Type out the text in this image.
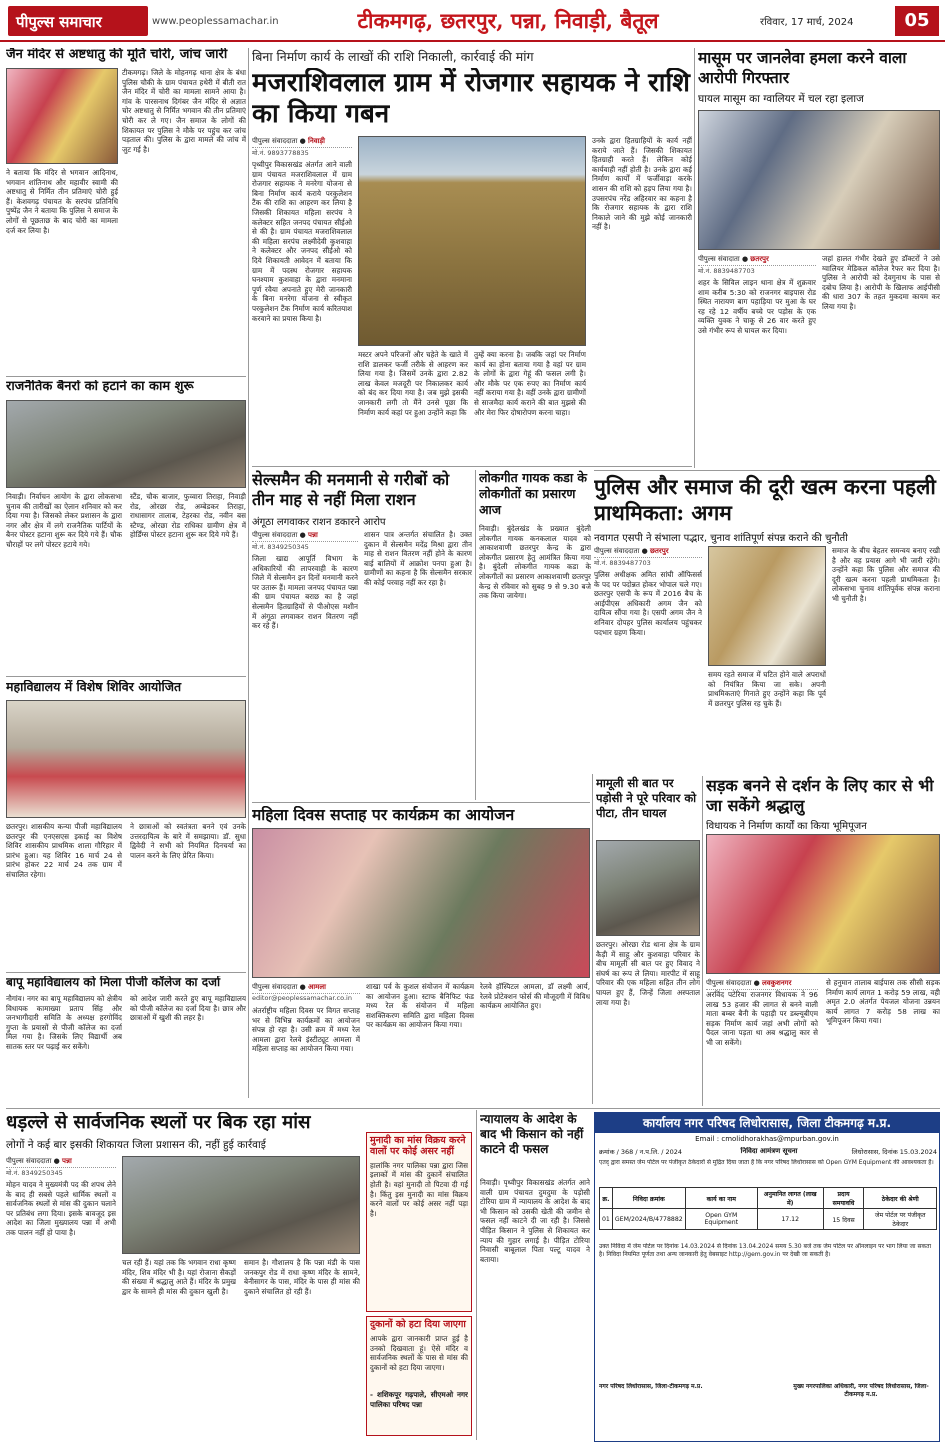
पीपुल्स समाचार	www.peoplessamachar.in	टीकमगढ़, छतरपुर, पन्ना, निवाड़ी, बैतूल	रविवार, 17 मार्च, 2024	05
जैन मंदिर से अष्टधातु की मूर्ति चोरी, जांच जारी
टीकमगढ़। जिले के मोहनगढ़ थाना क्षेत्र के बंधा पुलिस चौकी के ग्राम पंचायत हथेरी में बीती रात जैन मंदिर में चोरी का मामला सामने आया है। गांव के पारसनाथ दिगंबर जैन मंदिर से अज्ञात चोर अष्टधातु से निर्मित भगवान की तीन प्रतिमाएं चोरी कर ले गए। जैन समाज के लोगों की शिकायत पर पुलिस ने मौके पर पहुंच कर जांच पड़ताल की। पुलिस के द्वारा मामले की जांच में जुट गई है।
ने बताया कि मंदिर से भगवान आदिनाथ, भगवान शांतिनाथ और महावीर स्वामी की अष्टधातु से निर्मित तीन प्रतिमाएं चोरी हुई हैं। केशवगढ़ पंचायत के सरपंच प्रतिनिधि पुष्पेंद्र जैन ने बताया कि पुलिस ने समाज के लोगों से पूछताछ के बाद चोरी का मामला दर्ज कर लिया है।
राजनैतिक बैनरों को हटाने का काम शुरू
निवाड़ी। निर्वाचन आयोग के द्वारा लोकसभा चुनाव की तारीखों का ऐलान शनिवार को कर दिया गया है। जिसको लेकर प्रशासन के द्वारा नगर और क्षेत्र में लगे राजनैतिक पार्टियों के बैनर पोस्टर हटाना शुरू कर दिये गये हैं। चौक चौराहों पर लगे पोस्टर हटाये गये।
स्टैंड, चौक बाजार, फुव्वारा तिराहा, निवाड़ी रोड, ओरछा रोड, अम्बेडकर तिराहा, राधासागर तालाब, टेहरका रोड, नवीन बस स्टैण्ड, ओरछा रोड राधिका ग्रामीण क्षेत्र में होर्डिंग्स पोस्टर हटाना शुरू कर दिये गये हैं।
महाविद्यालय में विशेष शिविर आयोजित
छतरपुर। शासकीय कन्या पीजी महाविद्यालय छतरपुर की एनएसएस इकाई का विशेष शिविर शासकीय प्राथमिक शाला गौरिहार में प्रारंभ हुआ। यह शिविर 16 मार्च 24 से प्रारंभ होकर 22 मार्च 24 तक ग्राम में संचालित रहेगा।
ने छात्राओं को स्वतंत्रता बनने एवं उनके उत्तरदायित्व के बारे में समझाया। डॉ. सुधा द्विवेदी ने सभी को नियमित दिनचर्या का पालन करने के लिए प्रेरित किया।
बापू महाविद्यालय को मिला पीजी कॉलेज का दर्जा
नौगांव। नगर का बापू महाविद्यालय को क्षेत्रीय विधायक कामाख्या प्रताप सिंह और जनभागीदारी समिति के अध्यक्ष हरगोविंद गुप्ता के प्रयासों से पीजी कॉलेज का दर्जा मिल गया है। जिसके लिए विद्यार्थी अब सातक स्तर पर पढ़ाई कर सकेंगे।
को आदेश जारी करते हुए बापू महाविद्यालय को पीजी कॉलेज का दर्जा दिया है। छात्र और छात्राओं में खुशी की लहर है।
बिना निर्माण कार्य के लाखों की राशि निकाली, कार्रवाई की मांग
मजराशिवलाल ग्राम में रोजगार सहायक ने राशि का किया गबन
पीपुल्स संवाददाता ● निवाड़ी
मो.नं. 9893778835
पृथ्वीपुर विकासखंड अंतर्गत आने वाली ग्राम पंचायत मजराशिवलाल में ग्राम रोजगार सहायक ने मनरेगा योजना से बिना निर्माण कार्य कराये परकुलेशन टैंक की राशि का आहरण कर लिया है जिसकी शिकायत महिला सरपंच ने कलेक्टर सहित जनपद पंचायत सीईओ से की है। ग्राम पंचायत मजराशिवलाल की महिला सरपंच लक्ष्मीदेवी कुशवाहा ने कलेक्टर और जनपद सीईओ को दिये शिकायती आवेदन में बताया कि ग्राम में पदस्थ रोजगार सहायक घनश्याम कुशवाहा के द्वारा मनमाना पूर्ण रवैया अपनाते हुए मेरी जानकारी के बिना मनरेगा योजना से स्वीकृत परकुलेशन टैंक निर्माण कार्य करितयाश करवाने का प्रयास किया है।
मस्टर अपने परिजनों और चहेते के खाते में राशि डालकर फर्जी तरीके से आहरण कर लिया गया है। जिसमें उनके द्वारा 2.82 लाख केवल मजदूरी पर निकालकर कार्य को बंद कर दिया गया है। जब मुझे इसकी जानकारी लगी तो मैंने उनसे पूछा कि निर्माण कार्य कहां पर हुआ उन्होंने कहा कि
तुम्हें क्या करना है। जबकि जहां पर निर्माण कार्य का होना बताया गया है वहां पर ग्राम के लोगों के द्वारा गेहूं की फसल लगी है। और मौके पर एक रुपए का निर्माण कार्य नहीं कराया गया है। वहीं उनके द्वारा ग्रामीणों से साजमैदा कार्य कराने की बात मुझसे की और मेरा फिर दोषारोपण करना चाहा।
उनके द्वारा हितग्राहियों के कार्य नहीं कराये जाते हैं। जिसकी शिकायत हितग्राही करते हैं। लेकिन कोई कार्यवाही नहीं होती है। उनके द्वारा कई निर्माण कार्यों में फर्जीवाड़ा करके शासन की राशि को हड़प लिया गया है। उपसरपंच नरेंद्र अहिरवार का कहना है कि रोजगार सहायक के द्वारा राशि निकाले जाने की मुझे कोई जानकारी नहीं है।
सेल्समैन की मनमानी से गरीबों को तीन माह से नहीं मिला राशन
अंगूठा लगवाकर राशन डकारने आरोप
पीपुल्स संवाददाता ● पन्ना
मो.नं. 8349250345
जिला खाद्य आपूर्ति विभाग के अधिकारियों की लापरवाही के कारण जिले में सेल्समैन इन दिनों मनमानी करने पर उतारू हैं। मामला जनपद पंचायत पन्ना की ग्राम पंचायत बराछ का है जहां सेल्समैन हितग्राहियों से पीओएस मशीन में अंगूठा लगवाकर राशन वितरण नहीं कर रहे हैं।
शासन पात्र अन्तर्गत संचालित है। उक्त दुकान में सेल्समैन मदेंद्र मिश्रा द्वारा तीन माह से राशन वितरण नहीं होने के कारण बाई बालियों में आक्रोश पनपा हुआ है। ग्रामीणों का कहना है कि सेल्समैन सरकार की कोई परवाह नहीं कर रहा है।
लोकगीत गायक कडा के लोकगीतों का प्रसारण आज
निवाड़ी। बुंदेलखंड के प्रख्यात बुंदेली लोकगीत गायक कनकलाल यादव को आकाशवाणी छतरपुर केन्द्र के द्वारा लोकगीत प्रसारण हेतु आमंत्रित किया गया है। बुंदेली लोकगीत गायक कडा के लोकगीतों का प्रसारण आकाशवाणी छतरपुर केन्द्र से रविवार को सुबह 9 से 9.30 बजे तक किया जायेगा।
महिला दिवस सप्ताह पर कार्यक्रम का आयोजन
पीपुल्स संवाददाता ● आमला
editor@peoplessamachar.co.in
अंतर्राष्ट्रीय महिला दिवस पर विगत सप्ताह भर से विभिन्न कार्यक्रमों का आयोजन संपन्न हो रहा है। उसी क्रम में मध्य रेल आमला द्वारा रेलवे इंस्टीट्यूट आमला में महिला सप्ताह का आयोजन किया गया।
शाखा पर्व के कुशल संयोजन में कार्यक्रम का आयोजन हुआ। स्टाफ बैनिफिट फंड मध्य रेल के संयोजन में महिला सशक्तिकरण समिति द्वारा महिला दिवस पर कार्यक्रम का आयोजन किया गया।
रेलवे हॉस्पिटल आमला, डॉ लक्ष्मी आर्य, रेलवे प्रोटेक्शन फोर्स की मौजूदगी में विविध कार्यक्रम आयोजित हुए।
मासूम पर जानलेवा हमला करने वाला आरोपी गिरफ्तार
घायल मासूम का ग्वालियर में चल रहा इलाज
पीपुल्स संवादाता ● छतरपुर
मो.नं. 8839487703
शहर के सिविल लाइन थाना क्षेत्र में शुक्रवार शाम करीब 5:30 को राजनगर बाइपास रोड स्थित नारायण बाग पहाड़िया पर मुआ के घर रह रहे 12 वर्षीय बच्चे पर पड़ोस के एक व्यक्ति युवक ने चाकू से 26 वार करते हुए उसे गंभीर रूप से घायल कर दिया।
जहां हालत गंभीर देखते हुए डॉक्टरों ने उसे ग्वालियर मेडिकल कॉलेज रैफर कर दिया है। पुलिस ने आरोपी को देवगुनाथ के पास से दबोच लिया है। आरोपी के खिलाफ आईपीसी की धारा 307 के तहत मुकदमा कायम कर लिया गया है।
पुलिस और समाज की दूरी खत्म करना पहली प्राथमिकता: अगम
नवागत एसपी ने संभाला पद्भार, चुनाव शांतिपूर्ण संपन्न कराने की चुनौती
पीपुल्स संवाददाता ● छतरपुर
मो.नं. 8839487703
पुलिस अधीक्षक अमित सांघी ऑफिसर्स के पद पर पदोन्नत होकर भोपाल चले गए। छतरपुर एसपी के रूप में 2016 बैच के आईपीएस अधिकारी अगम जैन को दायित्व सौंपा गया है। एसपी अगम जैन ने शनिवार दोपहर पुलिस कार्यालय पहुंचकर पदभार ग्रहण किया।
समय रहते समाज में घटित होने वाले अपराधों को नियंत्रित किया जा सके। अपनी प्राथमिकताएं गिनाते हुए उन्होंने कहा कि पूर्व में छतरपुर पुलिस रह चुके हैं।
समाज के बीच बेहतर समन्वय बनाए रखी है और वह प्रयास आगे भी जारी रहेंगे। उन्होंने कहा कि पुलिस और समाज की दूरी खत्म करना पहली प्राथमिकता है। लोकसभा चुनाव शांतिपूर्वक संपन्न कराना भी चुनौती है।
मामूली सी बात पर पड़ोसी ने पूरे परिवार को पीटा, तीन घायल
छतरपुर। ओरछा रोड थाना क्षेत्र के ग्राम कैड़ी में साहू और कुशवाहा परिवार के बीच मामूली सी बात पर हुए विवाद ने संघर्ष का रूप ले लिया। मारपीट में साहू परिवार की एक महिला सहित तीन लोग घायल हुए हैं, जिन्हें जिला अस्पताल लाया गया है।
सड़क बनने से दर्शन के लिए कार से भी जा सकेंगे श्रद्धालु
विधायक ने निर्माण कार्यों का किया भूमिपूजन
पीपुल्स संवाददाता ● लवकुशनगर
अरविंद पटेरिया राजनगर विधायक ने 96 लाख 53 हजार की लागत से बनने वाली माता बम्बर बैनी के पहाड़ी पर डब्ल्यूबीएम सड़क निर्माण कार्य जहां अभी लोगों को पैदल जाना पड़ता था अब श्रद्धालु कार से भी जा सकेंगे।
से हनुमान तालाब बाईपास तक सीसी सड़क निर्माण कार्य लागत 1 करोड़ 59 लाख, वही अमृत 2.0 अंतर्गत पेयजल योजना उन्नयन कार्य लागत 7 करोड़ 58 लाख का भूमिपूजन किया गया।
धड़ल्ले से सार्वजनिक स्थलों पर बिक रहा मांस
लोगों ने कई बार इसकी शिकायत जिला प्रशासन की, नहीं हुई कार्रवाई
पीपुल्स संवाददाता ● पन्ना
मो.नं. 8349250345
मोहन यादव ने मुख्यमंत्री पद की शपथ लेने के बाद ही सबसे पहले धार्मिक स्थलों व सार्वजनिक स्थलों से मांस की दुकान चलाने पर प्रतिबंध लगा दिया। इसके बावजूद इस आदेश का जिला मुख्यालय पन्ना में अभी तक पालन नहीं हो पाया है।
चल रही हैं। यहां तक कि भगवान राधा कृष्ण मंदिर, शिव मंदिर भी है। यहां रोजाना सैकड़ों की संख्या में श्रद्धालु आते हैं। मंदिर के प्रमुख द्वार के सामने ही मांस की दुकान खुली है।
समान है। गौशालय है कि पन्ना मंडी के पास जनकपुर रोड में राधा कृष्ण मंदिर के सामने, बेनीसागर के पास, मंदिर के पास ही मांस की दुकाने संचालित हो रही हैं।
मुनादी का मांस विक्रय करने वालों पर कोई असर नहीं
हालांकि नगर पालिका पन्ना द्वारा जिस इलाकों में मांस की दुकानें संचालित होती है। वहां मुनादी तो पिटवा दी गई है। किंतु इस मुनादी का मांस विक्रय करने वालों पर कोई असर नहीं पड़ा है।
दुकानों को हटा दिया जाएगा
आपके द्वारा जानकारी प्राप्त हुई है उनको दिखवाता हूं। ऐसे मंदिर व सार्वजनिक स्थलों के पास से मांस की दुकानों को हटा दिया जाएगा।
- शशिकपूर गढ़पाले, सीएमओ नगर पालिका परिषद पन्ना
न्यायालय के आदेश के बाद भी किसान को नहीं काटने दी फसल
निवाड़ी। पृथ्वीपुर विकासखंड अंतर्गत आने वाली ग्राम पंचायत दुमदुमा के पड़ोसी टोरिया ग्राम में न्यायालय के आदेश के बाद भी किसान को उसकी खेती की जमीन से फसल नहीं काटने दी जा रही है। जिससे पीड़ित किसान ने पुलिस से शिकायत कर न्याय की गुहार लगाई है। पीड़ित टोरिया निवासी बाबूलाल पिता पल्टू यादव ने बताया।
कार्यालय नगर परिषद लिधोरासास, जिला टीकमगढ़ म.प्र.
Email : cmolidhorakhas@mpurban.gov.in
क्रमांक / 368 / न.प.लि. / 2024	निविदा आमंत्रण सूचना	लिधोरासास, दिनांक 15.03.2024
एतद् द्वारा समस्त जेम पोर्टल पर पंजीकृत ठेकेदारों से मुद्रित दिया जाता है कि नगर परिषद लिधोरासास को Open GYM Equipment की आवश्यकता है।
क्र.	निविदा क्रमांक	कार्य का नाम	अनुमानित लागत (लाख में)	प्रदाय समयावधि	ठेकेदार की श्रेणी
01	GEM/2024/B/4778882	Open GYM Equipment	17.12	15 दिवस	जेम पोर्टल पर पंजीकृत ठेकेदार
उक्त निविदा में जेम पोर्टल पर दिनांक 14.03.2024 से दिनांक 13.04.2024 समय 5.30 बजे तक जेम पोर्टल पर ऑनलाइन पर भाग लिया जा सकता है। निविदा नियमित पूर्णता तथा अन्य जानकारी हेतु वेबसाइट http://gem.gov.in पर देखी जा सकती है।
नगर परिषद लिधोरासास, जिला-टीकमगढ़ म.प्र.	मुख्य नगरपालिका अधिकारी, नगर परिषद लिधोरासास, जिला-टीकमगढ़ म.प्र.
